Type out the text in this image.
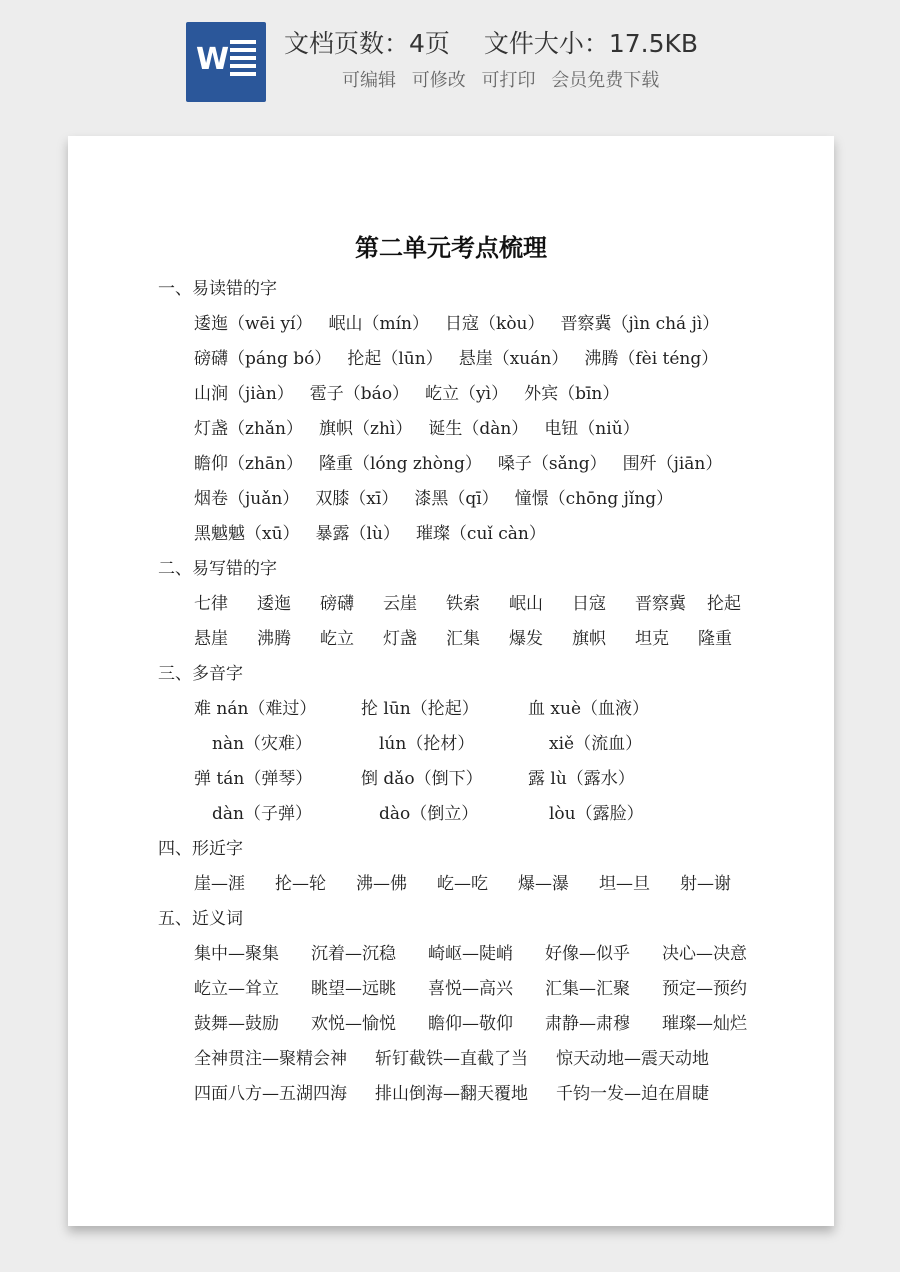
W 文档页数：4页 文件大小：17.5KB
可编辑 可修改 可打印 会员免费下载
第二单元考点梳理
一、易读错的字
逶迤（wēi yí） 岷山（mín） 日寇（kòu） 晋察冀（jìn chá jì）
磅礴（páng bó） 抡起（lūn） 悬崖（xuán） 沸腾（fèi téng）
山涧（jiàn） 雹子（báo） 屹立（yì） 外宾（bīn）
灯盏（zhǎn） 旗帜（zhì） 诞生（dàn） 电钮（niǔ）
瞻仰（zhān） 隆重（lóng zhòng） 嗓子（sǎng） 围歼（jiān）
烟卷（juǎn） 双膝（xī） 漆黑（qī） 憧憬（chōng jǐng）
黑魆魆（xū） 暴露（lù） 璀璨（cuǐ càn）
二、易写错的字
七律 逶迤 磅礴 云崖 铁索 岷山 日寇 晋察冀 抡起
悬崖 沸腾 屹立 灯盏 汇集 爆发 旗帜 坦克 隆重
三、多音字
难 nán（难过）	抡 lūn（抡起）	血 xuè（血液）
nàn（灾难）	lún（抡材）	xiě（流血）
弹 tán（弹琴）	倒 dǎo（倒下）	露 lù（露水）
dàn（子弹）	dào（倒立）	lòu（露脸）
四、形近字
崖—涯 抡—轮 沸—佛 屹—吃 爆—瀑 坦—旦 射—谢
五、近义词
集中—聚集 沉着—沉稳 崎岖—陡峭 好像—似乎 决心—决意
屹立—耸立 眺望—远眺 喜悦—高兴 汇集—汇聚 预定—预约
鼓舞—鼓励 欢悦—愉悦 瞻仰—敬仰 肃静—肃穆 璀璨—灿烂
全神贯注—聚精会神 斩钉截铁—直截了当 惊天动地—震天动地
四面八方—五湖四海 排山倒海—翻天覆地 千钧一发—迫在眉睫
